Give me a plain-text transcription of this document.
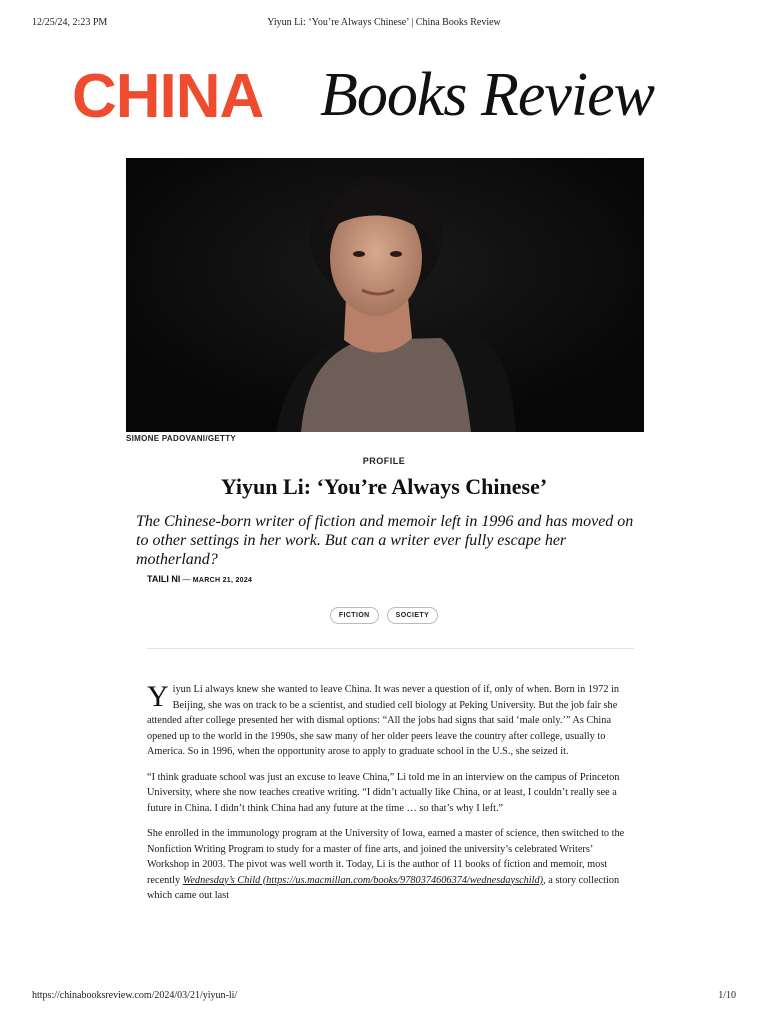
12/25/24, 2:23 PM	Yiyun Li: ‘You’re Always Chinese’ | China Books Review
CHINA Books Review
SIMONE PADOVANI/GETTY
PROFILE
Yiyun Li: ‘You’re Always Chinese’
The Chinese-born writer of fiction and memoir left in 1996 and has moved on to other settings in her work. But can a writer ever fully escape her motherland?
TAILI NI — MARCH 21, 2024
FICTION	SOCIETY

Yiyun Li always knew she wanted to leave China. It was never a question of if, only of when. Born in 1972 in Beijing, she was on track to be a scientist, and studied cell biology at Peking University. But the job fair she attended after college presented her with dismal options: “All the jobs had signs that said ‘male only.’” As China opened up to the world in the 1990s, she saw many of her older peers leave the country after college, usually to America. So in 1996, when the opportunity arose to apply to graduate school in the U.S., she seized it.

“I think graduate school was just an excuse to leave China,” Li told me in an interview on the campus of Princeton University, where she now teaches creative writing. “I didn’t actually like China, or at least, I couldn’t really see a future in China. I didn’t think China had any future at the time … so that’s why I left.”

She enrolled in the immunology program at the University of Iowa, earned a master of science, then switched to the Nonfiction Writing Program to study for a master of fine arts, and joined the university’s celebrated Writers’ Workshop in 2003. The pivot was well worth it. Today, Li is the author of 11 books of fiction and memoir, most recently Wednesday’s Child (https://us.macmillan.com/books/9780374606374/wednesdayschild), a story collection which came out last

https://chinabooksreview.com/2024/03/21/yiyun-li/	1/10
